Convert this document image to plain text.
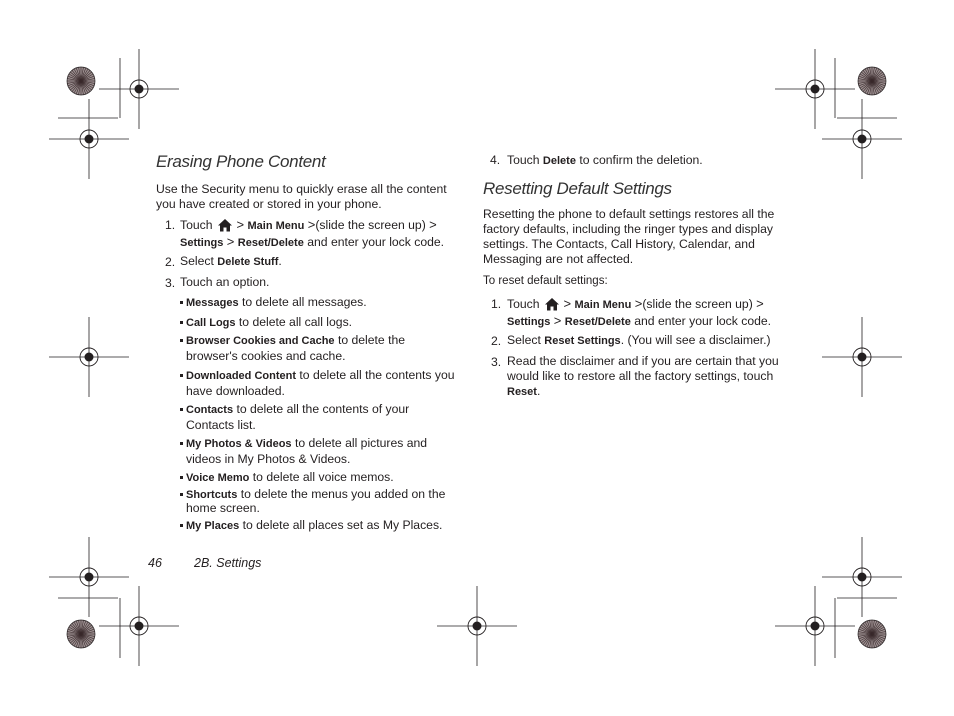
Erasing Phone Content
Use the Security menu to quickly erase all the content
you have created or stored in your phone.
1. Touch > Main Menu >(slide the screen up) >
Settings > Reset/Delete and enter your lock code.
2. Select Delete Stuff.
3. Touch an option.
Messages to delete all messages.
Call Logs to delete all call logs.
Browser Cookies and Cache to delete the
browser's cookies and cache.
Downloaded Content to delete all the contents you
have downloaded.
Contacts to delete all the contents of your
Contacts list.
My Photos & Videos to delete all pictures and
videos in My Photos & Videos.
Voice Memo to delete all voice memos.
Shortcuts to delete the menus you added on the
home screen.
My Places to delete all places set as My Places.
4. Touch Delete to confirm the deletion.
Resetting Default Settings
Resetting the phone to default settings restores all the
factory defaults, including the ringer types and display
settings. The Contacts, Call History, Calendar, and
Messaging are not affected.
To reset default settings:
1. Touch > Main Menu >(slide the screen up) >
Settings > Reset/Delete and enter your lock code.
2. Select Reset Settings. (You will see a disclaimer.)
3. Read the disclaimer and if you are certain that you
would like to restore all the factory settings, touch
Reset.
46	2B. Settings
